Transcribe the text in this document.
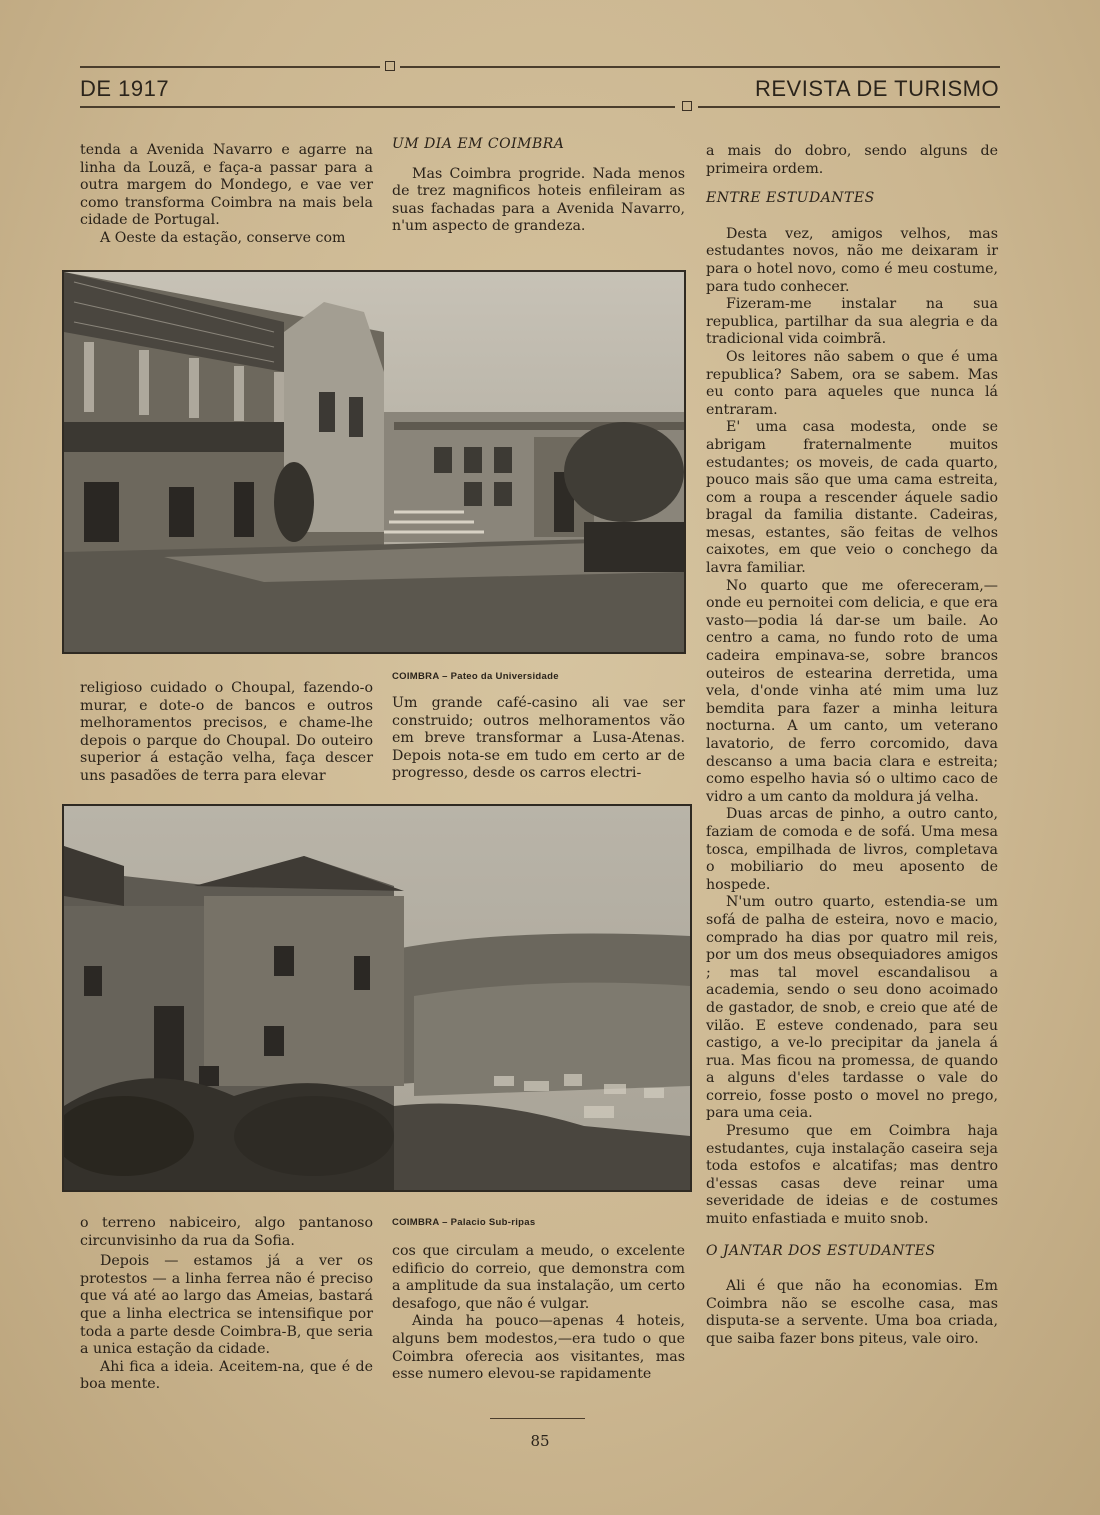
DE 1917	REVISTA DE TURISMO

tenda a Avenida Navarro e agarre na linha da Louzã, e faça-a passar para a outra margem do Mondego, e vae ver como transforma Coimbra na mais bela cidade de Portugal.

A Oeste da estação, conserve com

UM DIA EM COIMBRA

Mas Coimbra progride. Nada menos de trez magnificos hoteis enfileiram as suas fachadas para a Avenida Navarro, n'um aspecto de grandeza.

COIMBRA – Pateo da Universidade

religioso cuidado o Choupal, fazendo-o murar, e dote-o de bancos e outros melhoramentos precisos, e chame-lhe depois o parque do Choupal. Do outeiro superior á estação velha, faça descer uns pasadões de terra para elevar

Um grande café-casino ali vae ser construido; outros melhoramentos vão em breve transformar a Lusa-Atenas. Depois nota-se em tudo em certo ar de progresso, desde os carros electri-

COIMBRA – Palacio Sub-ripas

o terreno nabiceiro, algo pantanoso circunvisinho da rua da Sofia.

Depois — estamos já a ver os protestos — a linha ferrea não é preciso que vá até ao largo das Ameias, bastará que a linha electrica se intensifique por toda a parte desde Coimbra-B, que seria a unica estação da cidade.

Ahi fica a ideia. Aceitem-na, que é de boa mente.

cos que circulam a meudo, o excelente edificio do correio, que demonstra com a amplitude da sua instalação, um certo desafogo, que não é vulgar.

Ainda ha pouco—apenas 4 hoteis, alguns bem modestos,—era tudo o que Coimbra oferecia aos visitantes, mas esse numero elevou-se rapidamente

a mais do dobro, sendo alguns de primeira ordem.

ENTRE ESTUDANTES

Desta vez, amigos velhos, mas estudantes novos, não me deixaram ir para o hotel novo, como é meu costume, para tudo conhecer.

Fizeram-me instalar na sua republica, partilhar da sua alegria e da tradicional vida coimbrã.

Os leitores não sabem o que é uma republica? Sabem, ora se sabem. Mas eu conto para aqueles que nunca lá entraram.

E' uma casa modesta, onde se abrigam fraternalmente muitos estudantes; os moveis, de cada quarto, pouco mais são que uma cama estreita, com a roupa a rescender áquele sadio bragal da familia distante. Cadeiras, mesas, estantes, são feitas de velhos caixotes, em que veio o conchego da lavra familiar.

No quarto que me ofereceram,— onde eu pernoitei com delicia, e que era vasto—podia lá dar-se um baile. Ao centro a cama, no fundo roto de uma cadeira empinava-se, sobre brancos outeiros de estearina derretida, uma vela, d'onde vinha até mim uma luz bemdita para fazer a minha leitura nocturna. A um canto, um veterano lavatorio, de ferro corcomido, dava descanso a uma bacia clara e estreita; como espelho havia só o ultimo caco de vidro a um canto da moldura já velha.

Duas arcas de pinho, a outro canto, faziam de comoda e de sofá. Uma mesa tosca, empilhada de livros, completava o mobiliario do meu aposento de hospede.

N'um outro quarto, estendia-se um sofá de palha de esteira, novo e macio, comprado ha dias por quatro mil reis, por um dos meus obsequiadores amigos ; mas tal movel escandalisou a academia, sendo o seu dono acoimado de gastador, de snob, e creio que até de vilão. E esteve condenado, para seu castigo, a ve-lo precipitar da janela á rua. Mas ficou na promessa, de quando a alguns d'eles tardasse o vale do correio, fosse posto o movel no prego, para uma ceia.

Presumo que em Coimbra haja estudantes, cuja instalação caseira seja toda estofos e alcatifas; mas dentro d'essas casas deve reinar uma severidade de ideias e de costumes muito enfastiada e muito snob.

O JANTAR DOS ESTUDANTES

Ali é que não ha economias. Em Coimbra não se escolhe casa, mas disputa-se a servente. Uma boa criada, que saiba fazer bons piteus, vale oiro.

85
